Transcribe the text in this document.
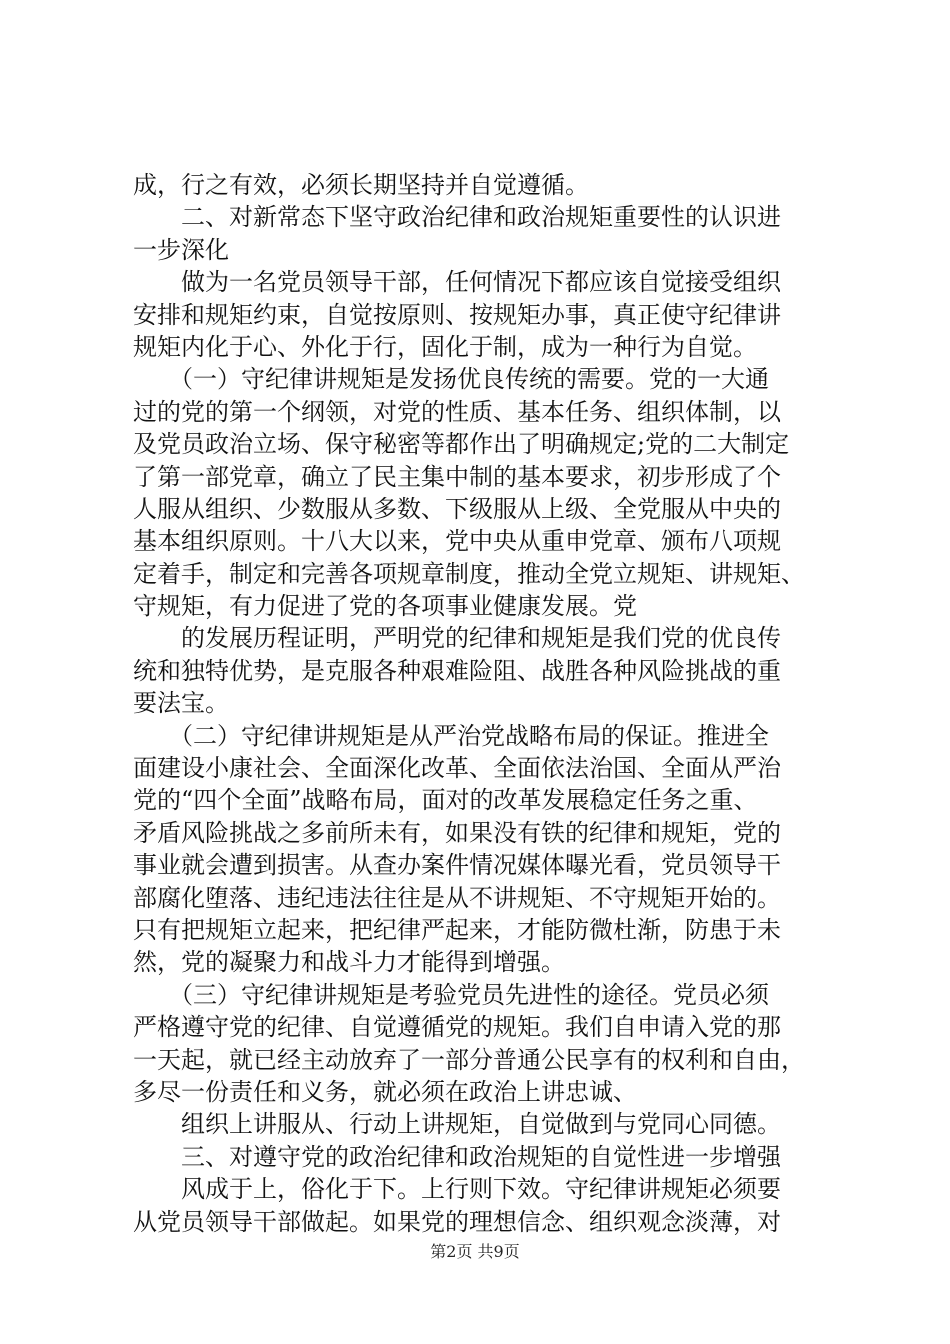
成，行之有效，必须长期坚持并自觉遵循。
　　二、对新常态下坚守政治纪律和政治规矩重要性的认识进
一步深化
　　做为一名党员领导干部，任何情况下都应该自觉接受组织
安排和规矩约束，自觉按原则、按规矩办事，真正使守纪律讲
规矩内化于心、外化于行，固化于制，成为一种行为自觉。
　　（一）守纪律讲规矩是发扬优良传统的需要。党的一大通
过的党的第一个纲领，对党的性质、基本任务、组织体制，以
及党员政治立场、保守秘密等都作出了明确规定;党的二大制定
了第一部党章，确立了民主集中制的基本要求，初步形成了个
人服从组织、少数服从多数、下级服从上级、全党服从中央的
基本组织原则。十八大以来，党中央从重申党章、颁布八项规
定着手，制定和完善各项规章制度，推动全党立规矩、讲规矩、
守规矩，有力促进了党的各项事业健康发展。党
　　的发展历程证明，严明党的纪律和规矩是我们党的优良传
统和独特优势，是克服各种艰难险阻、战胜各种风险挑战的重
要法宝。
　　（二）守纪律讲规矩是从严治党战略布局的保证。推进全
面建设小康社会、全面深化改革、全面依法治国、全面从严治
党的“四个全面”战略布局，面对的改革发展稳定任务之重、
矛盾风险挑战之多前所未有，如果没有铁的纪律和规矩，党的
事业就会遭到损害。从查办案件情况媒体曝光看，党员领导干
部腐化堕落、违纪违法往往是从不讲规矩、不守规矩开始的。
只有把规矩立起来，把纪律严起来，才能防微杜渐，防患于未
然，党的凝聚力和战斗力才能得到增强。
　　（三）守纪律讲规矩是考验党员先进性的途径。党员必须
严格遵守党的纪律、自觉遵循党的规矩。我们自申请入党的那
一天起，就已经主动放弃了一部分普通公民享有的权利和自由，
多尽一份责任和义务，就必须在政治上讲忠诚、
　　组织上讲服从、行动上讲规矩，自觉做到与党同心同德。
　　三、对遵守党的政治纪律和政治规矩的自觉性进一步增强
　　风成于上，俗化于下。上行则下效。守纪律讲规矩必须要
从党员领导干部做起。如果党的理想信念、组织观念淡薄，对
第2页 共9页
